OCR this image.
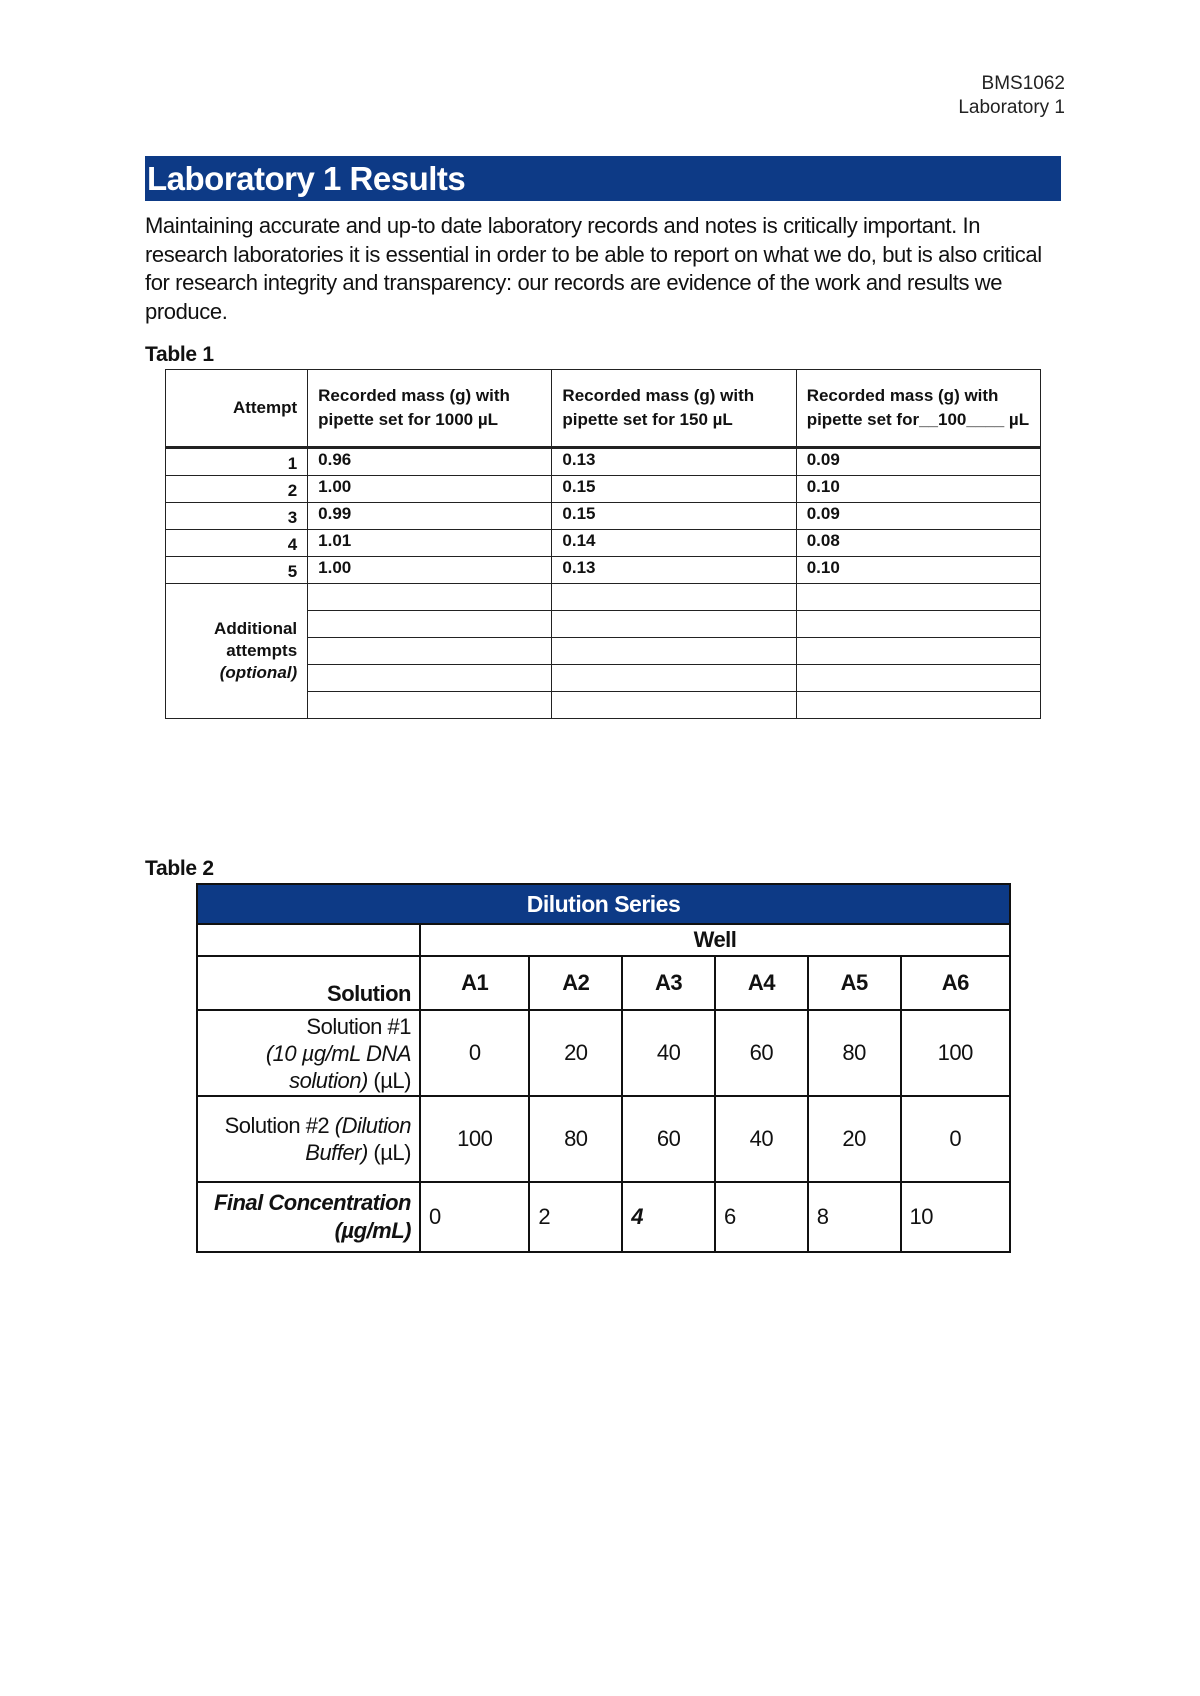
BMS1062
Laboratory 1
Laboratory 1 Results
Maintaining accurate and up-to date laboratory records and notes is critically important. In research laboratories it is essential in order to be able to report on what we do, but is also critical for research integrity and transparency: our records are evidence of the work and results we produce.
Table 1
Attempt	Recorded mass (g) with pipette set for 1000 µL	Recorded mass (g) with pipette set for 150 µL	Recorded mass (g) with pipette set for__100____ µL
1	0.96	0.13	0.09
2	1.00	0.15	0.10
3	0.99	0.15	0.09
4	1.01	0.14	0.08
5	1.00	0.13	0.10

Additional attempts
(optional)			

Table 2
Dilution Series						
	Well					
Solution	A1	A2	A3	A4	A5	A6
Solution #1
(10 µg/mL DNA solution) (µL)	0	20	40	60	80	100
Solution #2 (Dilution Buffer) (µL)	100	80	60	40	20	0
Final Concentration
(µg/mL)	0	2	4	6	8	10
